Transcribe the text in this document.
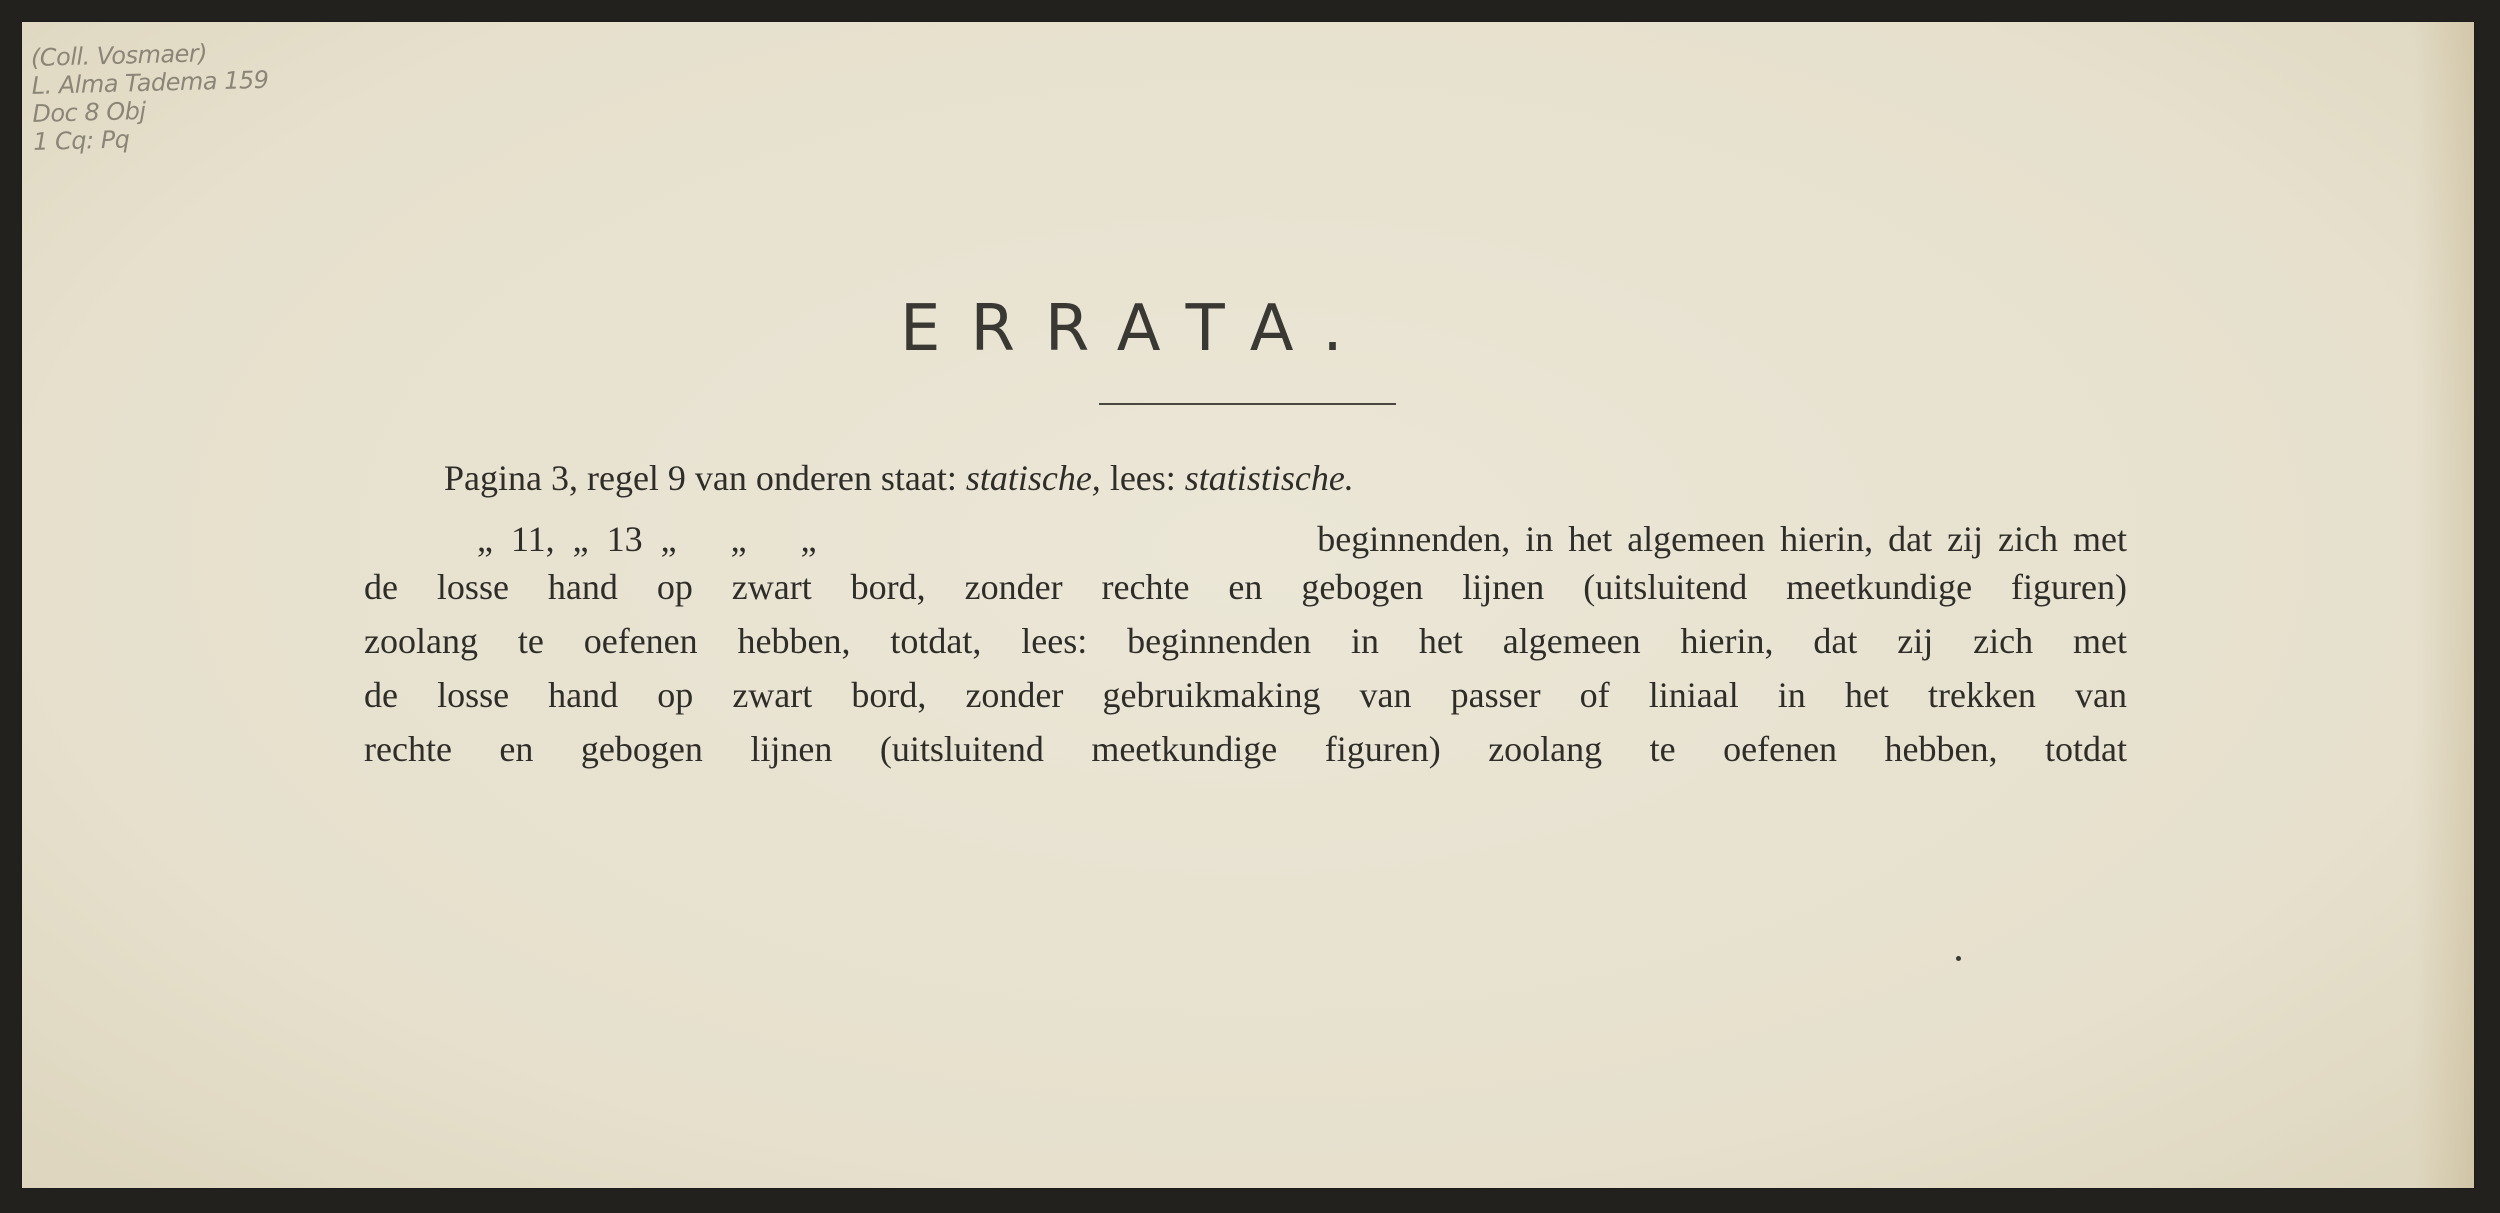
(Coll. Vosmaer)
L. Alma Tadema 159
Doc 8 Obj
1 Cq: Pq
ERRATA.
Pagina 3, regel 9 van onderen staat: statische, lees: statistische.
„  11,  „  13  „      „      „	beginnenden, in het algemeen hierin, dat zij zich met
de losse hand op zwart bord, zonder rechte en gebogen lijnen (uitsluitend meetkundige figuren)
zoolang te oefenen hebben, totdat, lees: beginnenden in het algemeen hierin, dat zij zich met
de losse hand op zwart bord, zonder gebruikmaking van passer of liniaal in het trekken van
rechte en gebogen lijnen (uitsluitend meetkundige figuren) zoolang te oefenen hebben, totdat
